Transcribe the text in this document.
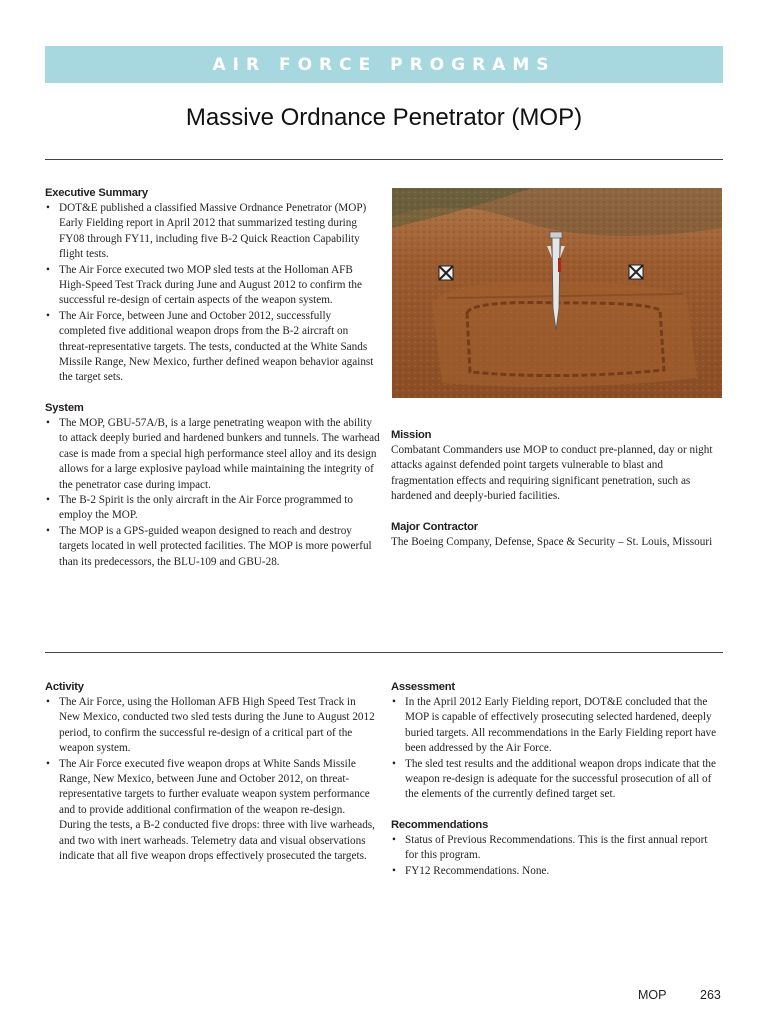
AIR FORCE PROGRAMS
Massive Ordnance Penetrator (MOP)
Executive Summary
• DOT&E published a classified Massive Ordnance Penetrator (MOP) Early Fielding report in April 2012 that summarized testing during FY08 through FY11, including five B-2 Quick Reaction Capability flight tests.
• The Air Force executed two MOP sled tests at the Holloman AFB High-Speed Test Track during June and August 2012 to confirm the successful re-design of certain aspects of the weapon system.
• The Air Force, between June and October 2012, successfully completed five additional weapon drops from the B-2 aircraft on threat-representative targets. The tests, conducted at the White Sands Missile Range, New Mexico, further defined weapon behavior against the target sets.
System
• The MOP, GBU-57A/B, is a large penetrating weapon with the ability to attack deeply buried and hardened bunkers and tunnels. The warhead case is made from a special high performance steel alloy and its design allows for a large explosive payload while maintaining the integrity of the penetrator case during impact.
• The B-2 Spirit is the only aircraft in the Air Force programmed to employ the MOP.
• The MOP is a GPS-guided weapon designed to reach and destroy targets located in well protected facilities. The MOP is more powerful than its predecessors, the BLU-109 and GBU-28.
Mission

Combatant Commanders use MOP to conduct pre-planned, day or night attacks against defended point targets vulnerable to blast and fragmentation effects and requiring significant penetration, such as hardened and deeply-buried facilities.

Major Contractor

The Boeing Company, Defense, Space & Security – St. Louis, Missouri

Activity
• The Air Force, using the Holloman AFB High Speed Test Track in New Mexico, conducted two sled tests during the June to August 2012 period, to confirm the successful re-design of a critical part of the weapon system.
• The Air Force executed five weapon drops at White Sands Missile Range, New Mexico, between June and October 2012, on threat-representative targets to further evaluate weapon system performance and to provide additional confirmation of the weapon re-design. During the tests, a B-2 conducted five drops: three with live warheads, and two with inert warheads. Telemetry data and visual observations indicate that all five weapon drops effectively prosecuted the targets.
Assessment
• In the April 2012 Early Fielding report, DOT&E concluded that the MOP is capable of effectively prosecuting selected hardened, deeply buried targets. All recommendations in the Early Fielding report have been addressed by the Air Force.
• The sled test results and the additional weapon drops indicate that the weapon re-design is adequate for the successful prosecution of all of the elements of the currently defined target set.
Recommendations
• Status of Previous Recommendations. This is the first annual report for this program.
• FY12 Recommendations. None.
MOP	263
